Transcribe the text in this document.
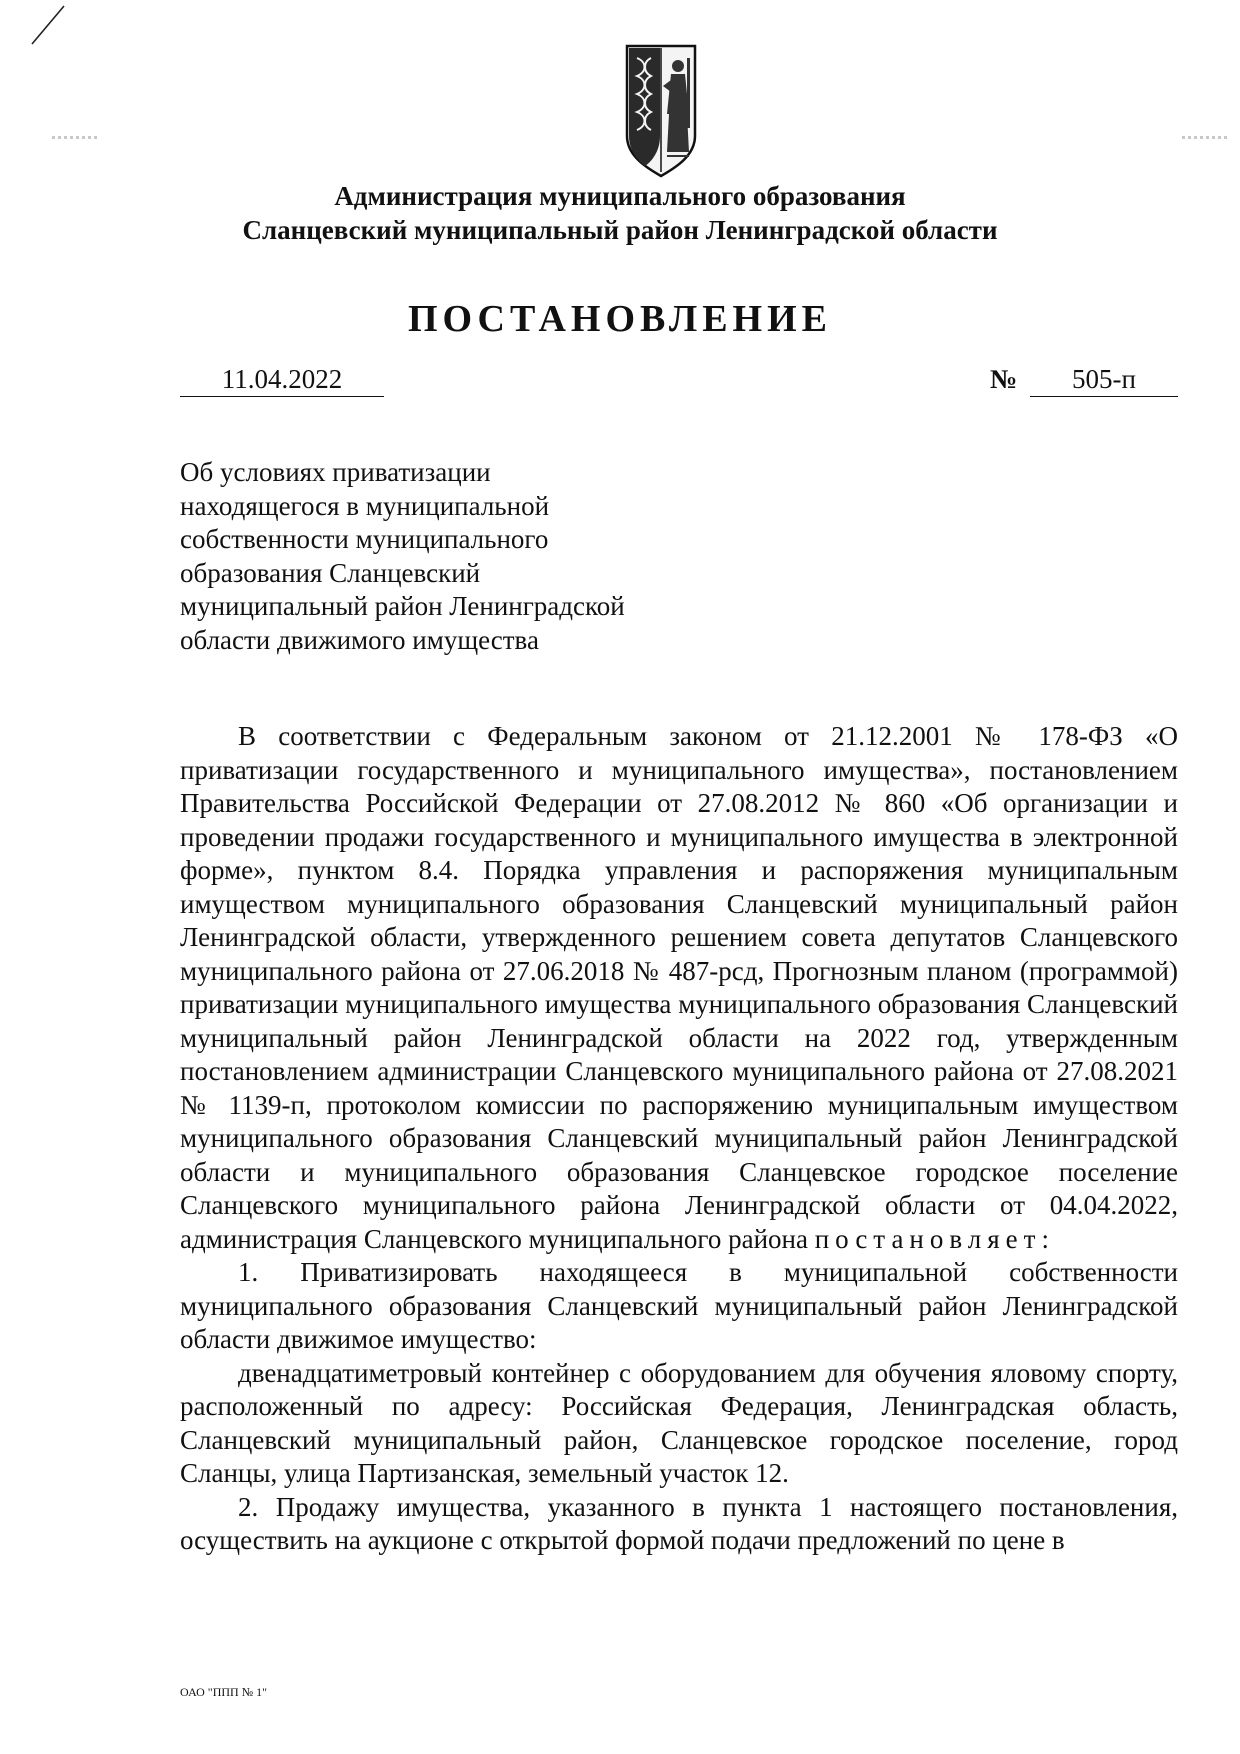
Администрация муниципального образования
Сланцевский муниципальный район Ленинградской области
ПОСТАНОВЛЕНИЕ
11.04.2022	№	505-п
Об условиях приватизации
находящегося в муниципальной
собственности муниципального
образования Сланцевский
муниципальный район Ленинградской
области движимого имущества

В соответствии с Федеральным законом от 21.12.2001 № 178-ФЗ «О приватизации государственного и муниципального имущества», постановлением Правительства Российской Федерации от 27.08.2012 № 860 «Об организации и проведении продажи государственного и муниципального имущества в электронной форме», пунктом 8.4. Порядка управления и распоряжения муниципальным имуществом муниципального образования Сланцевский муниципальный район Ленинградской области, утвержденного решением совета депутатов Сланцевского муниципального района от 27.06.2018 № 487-рсд, Прогнозным планом (программой) приватизации муниципального имущества муниципального образования Сланцевский муниципальный район Ленинградской области на 2022 год, утвержденным постановлением администрации Сланцевского муниципального района от 27.08.2021 № 1139-п, протоколом комиссии по распоряжению муниципальным имуществом муниципального образования Сланцевский муниципальный район Ленинградской области и муниципального образования Сланцевское городское поселение Сланцевского муниципального района Ленинградской области от 04.04.2022, администрация Сланцевского муниципального района постановляет:

1. Приватизировать находящееся в муниципальной собственности муниципального образования Сланцевский муниципальный район Ленинградской области движимое имущество:

двенадцатиметровый контейнер с оборудованием для обучения яловому спорту, расположенный по адресу: Российская Федерация, Ленинградская область, Сланцевский муниципальный район, Сланцевское городское поселение, город Сланцы, улица Партизанская, земельный участок 12.

2. Продажу имущества, указанного в пункта 1 настоящего постановления, осуществить на аукционе с открытой формой подачи предложений по цене в

ОАО "ППП № 1"
